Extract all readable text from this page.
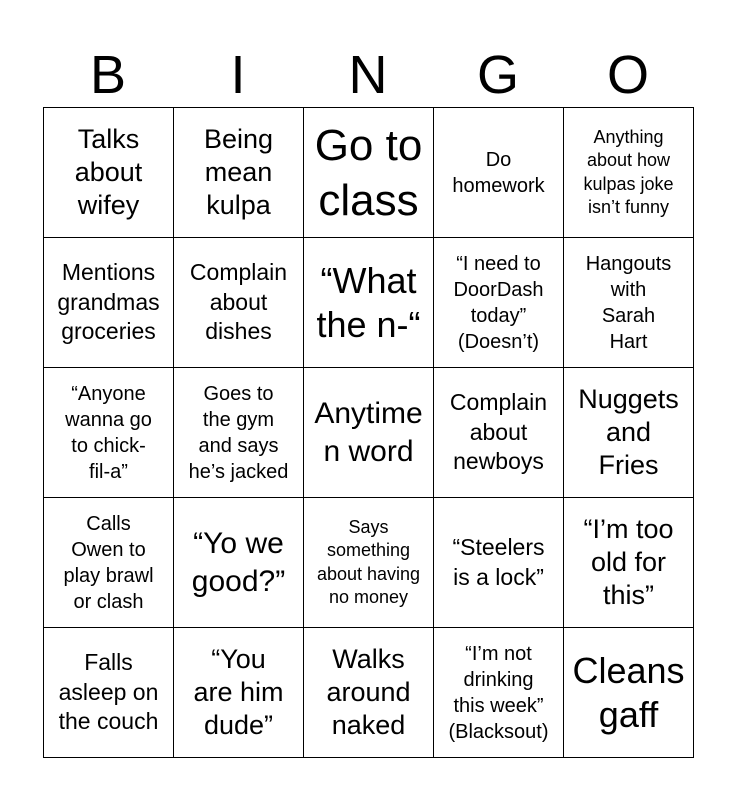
B	I	N	G	O
Talks
about
wifey
Being
mean
kulpa
Go to
class
Do
homework
Anything
about how
kulpas joke
isn’t funny
Mentions
grandmas
groceries
Complain
about
dishes
“What
the n-“
“I need to
DoorDash
today”
(Doesn’t)
Hangouts
with
Sarah
Hart
“Anyone
wanna go
to chick-
fil-a”
Goes to
the gym
and says
he’s jacked
Anytime
n word
Complain
about
newboys
Nuggets
and
Fries
Calls
Owen to
play brawl
or clash
“Yo we
good?”
Says
something
about having
no money
“Steelers
is a lock”
“I’m too
old for
this”
Falls
asleep on
the couch
“You
are him
dude”
Walks
around
naked
“I’m not
drinking
this week”
(Blacksout)
Cleans
gaff
